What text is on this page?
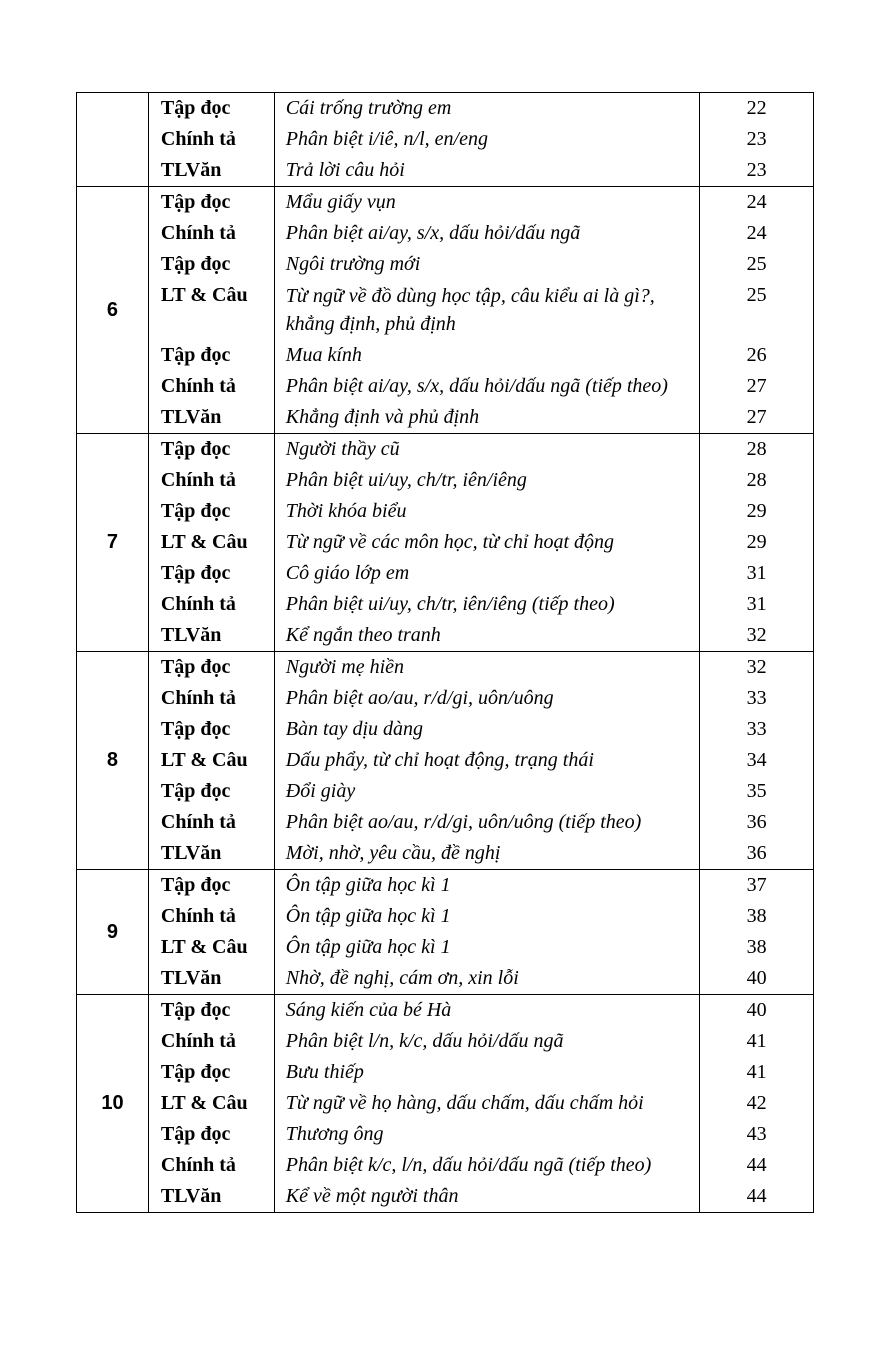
	Tập đọc	Cái trống trường em	22
	Chính tả	Phân biệt i/iê, n/l, en/eng	23
	TLVăn	Trả lời câu hỏi	23
6	Tập đọc	Mẩu giấy vụn	24
	Chính tả	Phân biệt ai/ay, s/x, dấu hỏi/dấu ngã	24
	Tập đọc	Ngôi trường mới	25
	LT & Câu	Từ ngữ về đồ dùng học tập, câu kiểu ai là gì?, khẳng định, phủ định	25
	Tập đọc	Mua kính	26
	Chính tả	Phân biệt ai/ay, s/x, dấu hỏi/dấu ngã (tiếp theo)	27
	TLVăn	Khẳng định và phủ định	27
7	Tập đọc	Người thầy cũ	28
	Chính tả	Phân biệt ui/uy, ch/tr, iên/iêng	28
	Tập đọc	Thời khóa biểu	29
	LT & Câu	Từ ngữ về các môn học, từ chỉ hoạt động	29
	Tập đọc	Cô giáo lớp em	31
	Chính tả	Phân biệt ui/uy, ch/tr, iên/iêng (tiếp theo)	31
	TLVăn	Kể ngắn theo tranh	32
8	Tập đọc	Người mẹ hiền	32
	Chính tả	Phân biệt ao/au, r/d/gi, uôn/uông	33
	Tập đọc	Bàn tay dịu dàng	33
	LT & Câu	Dấu phẩy, từ chỉ hoạt động, trạng thái	34
	Tập đọc	Đổi giày	35
	Chính tả	Phân biệt ao/au, r/d/gi, uôn/uông (tiếp theo)	36
	TLVăn	Mời, nhờ, yêu cầu, đề nghị	36
9	Tập đọc	Ôn tập giữa học kì 1	37
	Chính tả	Ôn tập giữa học kì 1	38
	LT & Câu	Ôn tập giữa học kì 1	38
	TLVăn	Nhờ, đề nghị, cám ơn, xin lỗi	40
10	Tập đọc	Sáng kiến của bé Hà	40
	Chính tả	Phân biệt l/n, k/c, dấu hỏi/dấu ngã	41
	Tập đọc	Bưu thiếp	41
	LT & Câu	Từ ngữ về họ hàng, dấu chấm, dấu chấm hỏi	42
	Tập đọc	Thương ông	43
	Chính tả	Phân biệt k/c, l/n, dấu hỏi/dấu ngã (tiếp theo)	44
	TLVăn	Kể về một người thân	44
